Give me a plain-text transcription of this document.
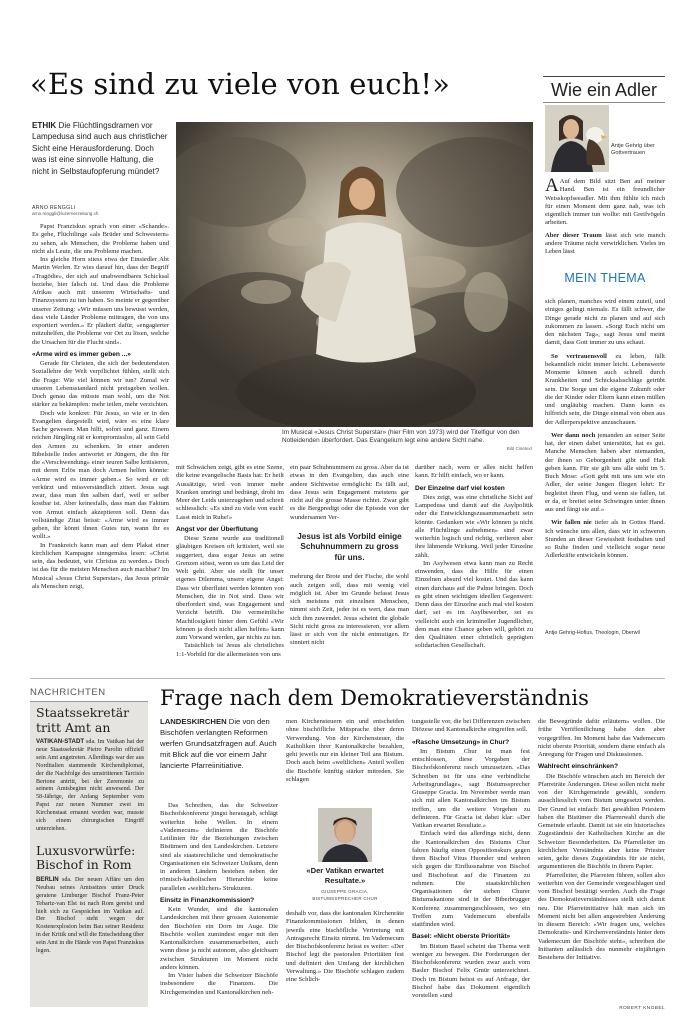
«Es sind zu viele von euch!»	Wie ein Adler
ETHIK Die Flüchtlingsdramen vor Lampedusa sind auch aus christlicher Sicht eine Herausforderung. Doch was ist eine sinnvolle Haltung, die nicht in Selbstaufopferung mündet?
ARNO RENGGLI
arno.renggli@luzernerzeitung.ch
Im Musical «Jesus Christ Superstar» (hier Film von 1973) wird der Titelfigur von den Notleidenden überfordert. Das Evangelium legt eine andere Sicht nahe.
Bild Cinetext

Papst Franziskus sprach von einer «Schande». Es gehe, Flüchtlinge «als Brüder und Schwestern» zu sehen, als Menschen, die Probleme haben und nicht als Leute, die uns Probleme machen.

Ins gleiche Horn stiess etwa der Einsiedler Abt Martin Werlen. Er wies darauf hin, dass der Begriff «Tragödie», der sich auf unabwendbares Schicksal beziehe, hier falsch ist. Und dass die Probleme Afrikas auch mit unserem Wirtschafts- und Finanzsystem zu tun haben. So meinte er gegenüber unserer Zeitung: «Wir müssen uns bewusst werden, dass viele Länder Probleme mittragen, die von uns exportiert werden.» Er plädiert dafür, «engagierter mitzuhelfen, die Probleme vor Ort zu lösen, welche die Ursachen für die Flucht sind».

«Arme wird es immer geben ...»

Gerade für Christen, die sich der bedeutendsten Soziallehre der Welt verpflichtet fühlen, stellt sich die Frage: Wie viel können wir tun? Zumal wir unseren Lebensstandard nicht preisgeben wollen. Doch genau das müsste man wohl, um die Not stärker zu bekämpfen: mehr teilen, mehr verzichten.

Doch wie konkret: Für Jesus, so wie er in den Evangelien dargestellt wird, wäre es eine klare Sache gewesen. Man hilft, sofort und ganz. Einem reichen Jüngling rät er kompromisslos, all sein Geld den Armen zu schenken. In einer anderen Bibelstelle indes antwortet er Jüngern, die ihn für die «Verschwendung» einer teuren Salbe kritisieren, mit deren Erlös man doch Armen helfen könnte: «Arme wird es immer geben.» So wird er oft verkürzt und missverständlich zitiert. Jesus sagt zwar, dass man ihn salben darf, weil er selber kostbar ist. Aber keinesfalls, dass man das Faktum von Armut einfach akzeptieren soll. Denn das vollständige Zitat heisst: «Arme wird es immer geben, ihr könnt ihnen Gutes tun, wann ihr es wollt.»

In Frankreich kann man auf dem Plakat einer kirchlichen Kampagne sinngemäss lesen: «Christ sein, das bedeutet, wie Christus zu werden.» Doch ist das für die meisten Menschen auch machbar? Im Musical «Jesus Christ Superstar», das Jesus primär als Menschen zeigt,

mit Schwächen zeigt, gibt es eine Szene, die keine evangelische Basis hat: Er heilt Aussätzige, wird von immer mehr Kranken umringt und bedrängt, droht im Meer der Leids unterzugehen und schreit schliesslich: «Es sind zu viele von euch! Lasst mich in Ruhe!»

Angst vor der Überflutung

Diese Szene wurde aus traditionell gläubigen Kreisen oft kritisiert, weil sie suggeriert, dass sogar Jesus an seine Grenzen stösst, wenn es um das Leid der Welt geht. Aber sie stellt für unser eigenes Dilemma, unsere eigene Angst: Dass wir überflutet werden könnten von Menschen, die in Not sind. Dass wir überfordert sind, was Engagement und Verzicht betrifft. Die vermeintliche Machtlosigkeit hinter dem Gefühl «Wir können ja doch nicht allen helfen» kann zum Vorwand werden, gar nichts zu tun.

Tatsächlich ist Jesus als christliches 1:1-Vorbild für die allermeisten von uns

ein paar Schuhnummern zu gross. Aber da ist etwas in den Evangelien, das auch eine andere Sichtweise ermöglicht: Es fällt auf, dass Jesus sein Engagement meistens gar nicht auf die grosse Masse richtet. Zwar gibt es die Bergpredigt oder die Episode von der wundersamen Ver-

Jesus ist als Vorbild einige Schuhnummern zu gross für uns.

mehrung der Brote und der Fische, die wohl auch zeigen soll, dass mit wenig viel möglich ist. Aber im Grunde befasst Jesus sich meistens mit einzelnen Menschen, nimmt sich Zeit, jeder ist es wert, dass man sich ihm zuwendet. Jesus scheint die globale Sicht nicht gross zu interessieren, vor allem lässt er sich von ihr nicht entmutigen. Er sinniert nicht

darüber nach, wem er alles nicht helfen kann. Er hilft einfach, wo er kann.

Der Einzelne darf viel kosten

Dies zeigt, was eine christliche Sicht auf Lampedusa und damit auf die Asylpolitik oder die Entwicklungszusammenarbeit sein könnte. Gedanken wie «Wir können ja nicht alle Flüchtlinge aufnehmen» sind zwar weiterhin logisch und richtig, verlieren aber ihre lähmende Wirkung. Weil jeder Einzelne zählt.

Im Asylwesen etwa kann man zu Recht einwenden, dass die Hilfe für einen Einzelnen absurd viel kostet. Und das kann einen durchaus auf die Palme bringen. Doch es gibt einen wichtigen ideellen Gegenwert: Denn dass der Einzelne auch mal viel kosten darf, sei es im Asylbewerber, sei es vielleicht auch ein krimineller Jugendlicher, dem man eine Chance geben will, gehört zu den Qualitäten einer christlich geprägten solidarischen Gesellschaft.

Antje Gehrig über Gottvertrauen

A Auf dem Bild sitzt Ben auf meiner Hand. Ben ist ein freundlicher Weisskopfseeadler. Mit ihm fühlte ich mich für einen Moment dem ganz nah, was ich eigentlich immer tun wollte: mit Greifvögeln arbeiten.

Aber dieser Traum lässt sich wie manch andere Träume nicht verwirklichen. Vieles im Leben lässt

MEIN THEMA

sich planen, manches wird einem zuteil, und einiges gelingt niemals. Es fällt schwer, die Dinge gerade nicht zu planen und auf sich zukommen zu lassen. «Sorgt Euch nicht um den nächsten Tag», sagt Jesus und meint damit, dass Gott immer zu uns schaut.

So vertrauensvoll zu leben, fällt bekanntlich nicht immer leicht. Lebenswerte Momente können auch schnell durch Krankheiten und Schicksalsschläge getrübt sein. Die Sorge um die eigene Zukunft oder die der Kinder oder Eltern kann einen müllen und ungläubig machen. Dann kann es hilfreich sein, die Dinge einmal von oben aus der Adlerperspektive anzuschauen.

Wer dann noch jemanden an seiner Seite hat, der einen dabei unterstützt, hat es gut. Manche Menschen haben aber niemanden, der ihnen so Geborgenheit gibt und Halt geben kann. Für sie gilt uns alle steht im 5. Buch Mose: «Gott geht mit uns um wie ein Adler, der seine Jungen fliegen lehrt: Er begleitet ihren Flug, und wenn sie fallen, ist er da, er breitet seine Schwingen unter ihnen aus und fängt sie auf.»

Wir fallen nie tiefer als in Gottes Hand. Ich wünsche uns allen, dass wir in schweren Stunden an dieser Gewissheit festhalten und so Ruhe finden und vielleicht sogar neue Adlerkräfte entwickeln können.

Antje Gehrig-Hofius, Theologin, Oberwil
NACHRICHTEN
Staatssekretär tritt Amt an
VATIKAN-STADT sda. Im Vatikan hat der neue Staatssekretär Pietro Parolin offiziell sein Amt angetreten. Allerdings war der aus Norditalien stammende Kirchendiplomat, der die Nachfolge des umstrittenen Tarcisio Bertone antritt, bei der Zeremonie zu seinem Amtsbeginn nicht anwesend. Der 58-Jährige, der Anfang September vom Papst zur neuen Nummer zwei im Kirchenstaat ernannt worden war, musste sich einem chirurgischen Eingriff unterziehen.
Luxusvorwürfe: Bischof in Rom
BERLIN sda. Der neuen Affäre um den Neubau seines Amtssitzes unter Druck geratene Limburger Bischof Franz-Peter Tebartz-van Elst ist nach Rom gereist und hielt sich zu Gesprächen im Vatikan auf. Der Bischof steht wegen der Kostenexplosion beim Bau seiner Residenz in der Kritik und will die Entscheidung über sein Amt in die Hände von Papst Franziskus legen.
Frage nach dem Demokratieverständnis
LANDESKIRCHEN Die von den Bischöfen verlangten Reformen werfen Grundsatzfragen auf. Auch mit Blick auf die vor einem Jahr lancierte Pfarreiinitiative.

Das Schreiben, das die Schweizer Bischofskonferenz jüngst herausgab, schlägt weiterhin hohe Wellen. In einem «Vademecum» definieren die Bischöfe Leitlinien für die Beziehungen zwischen Bistümern und den Landeskirchen. Letztere sind als staatsrechtliche und demokratische Organisationen ein Schweizer Unikum, denn in anderen Ländern bestehen neben der römisch-katholischen Hierarchie keine parallelen «weltlichen» Strukturen.

Einsitz in Finanzkommission?

Kein Wunder, sind die kantonalen Landeskirchen mit ihrer grossen Autonomie den Bischöfen ein Dorn im Auge. Die Bischöfe wollen zumindest enger mit den Kantonalkirchen zusammenarbeiten, auch wenn diese ja nicht autonom, also gleichsam zwischen Strukturen im Moment nicht anders können.

Im Visier haben die Schweizer Bischöfe insbesondere die Finanzen. Die Kirchgemeinden und Kantonalkirchen neh-

men Kirchensteuern ein und entscheiden ohne bischöfliche Mitsprache über deren Verwendung. Von der Kirchensteuer, die Katholiken ihrer Kantonalkirche bezahlen, geht jeweils nur ein kleiner Teil ans Bistum. Doch auch beim «weltlichen» Anteil wollen die Bischöfe künftig stärker mitreden. Sie schlagen

«Der Vatikan erwartet Resultate.»
GIUSEPPE GRACIA, BISTUMSSPRECHER CHUR

deshalb vor, dass die kantonalen Kirchenräte Finanzkommissionen bilden, in denen jeweils eine bischöfliche Vertretung mit Antragsrecht Einsitz nimmt. Im Vademecum der Bischofskonferenz heisst es weiter: «Der Bischof legt die pastoralen Prioritäten fest und definiert den Umfang der kirchlichen Verwaltung.» Die Bischöfe schlagen zudem eine Schlich-

tungsstelle vor, die bei Differenzen zwischen Diözese und Kantonalkirche eingreifen soll.

«Rasche Umsetzung» in Chur?

Im Bistum Chur ist man fest entschlossen, diese Vorgaben der Bischofskonferenz rasch umzusetzen. «Das Schreiben ist für uns eine verbindliche Arbeitsgrundlage», sagt Bistumssprecher Giuseppe Gracia. Im November werde man sich mit allen Kantonalkirchen im Bistum treffen, um die weitere Vorgehen zu definieren. Für Gracia ist dabei klar: «Der Vatikan erwartet Resultate.»

Einfach wird das allerdings nicht, denn die Kantonalkirchen des Bistums Chur fahren häufig einen Oppositionskurs gegen ihren Bischof Vitus Huonder und wehren sich gegen die Einflussnahme von Bischof und Bischofsrat auf die Finanzen zu nehmen. Die staatskirchlichen Organisationen der sieben Churer Bistumskantone sind in der Biberbrugger Konferenz zusammengeschlossen, wo ein Treffen zum Vademecum ebenfalls stattfinden wird.

Basel: «Nicht oberste Priorität»

Im Bistum Basel scheint das Thema weit weniger zu bewegen. Die Forderungen der Bischofskonferenz wurden zwar auch vom Basler Bischof Felix Gmür unterzeichnet. Doch im Bistum heisst es auf Anfrage, der Bischof habe das Dokument eigentlich vorstellen «und

die Bewegründe dafür erläutern» wollen. Die frühe Veröffentlichung habe den aber vorgegriffen. Im Moment habe das Vademecum nicht oberste Priorität, sondern diene einfach als Anregung für Fragen und Diskussionen.

Wahlrecht einschränken?

Die Bischöfe wünschen auch im Bereich der Pfarreiräte Änderungen. Diese sollen nicht mehr von der Kirchgemeinde gewählt, sondern ausschliesslich vom Bistum umgesetzt werden. Der Grund ist einfach: Bei gewählten Priestern haben die Bistümer die Pfarrerwahl durch die Gemeinde erlaubt. Damit ist sie ein historisches Zugeständnis der Katholischen Kirche an die Schweizer Besonderheiten. Da Pfarreileiter im kirchlichen Verständnis aber keine Priester seien, gelte dieses Zugeständnis für sie nicht, argumentieren die Bischöfe in ihrem Papier.

Pfarreileiter, die Pfarreien führen, sollen also weiterhin von der Gemeinde vorgeschlagen und vom Bischof bestätigt werden. Auch die Frage des Demokratieverständnisses stellt sich damit neu. Die Pfarreiinitiative hält man sich im Moment nicht bei allen angestrebten Änderung in diesem Bereich: «Wir fragen uns, welches Demokratie- und Kirchenverständnis hinter dem Vademecum der Bischöfe steht», schreiben die Initianten anlässlich des nunmehr einjährigen Bestehens der Initiative.

ROBERT KNOBEL
